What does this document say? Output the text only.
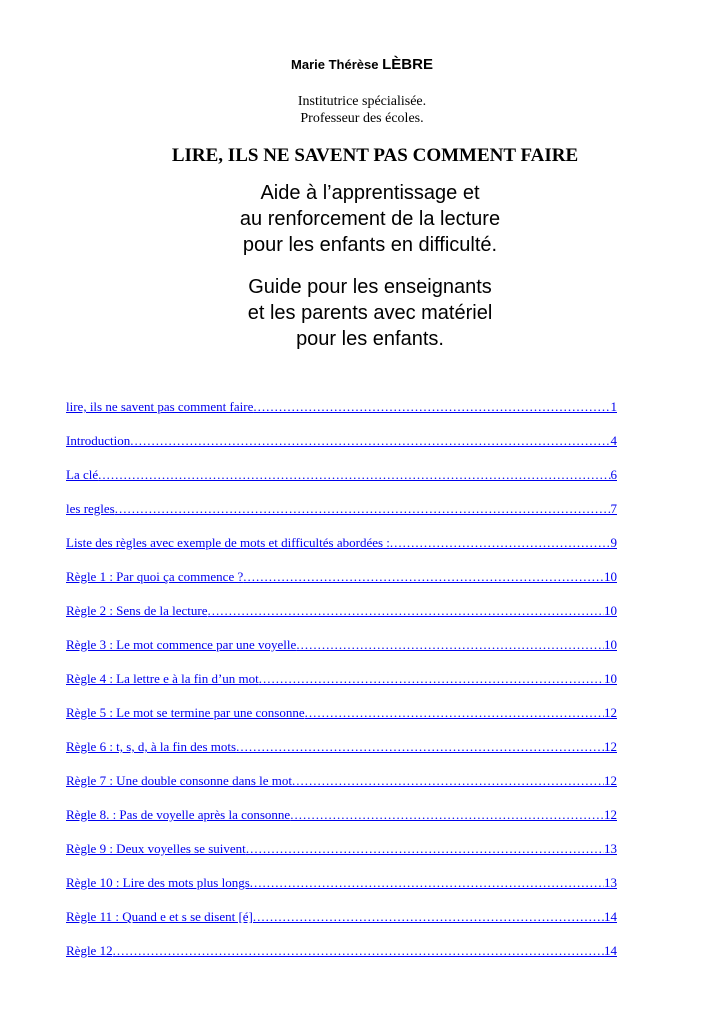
Marie Thérèse LÈBRE
Institutrice spécialisée.
Professeur des écoles.
LIRE, ILS NE SAVENT PAS COMMENT FAIRE
Aide à l’apprentissage et
au renforcement de la lecture
pour les enfants en difficulté.
Guide pour les enseignants
et les parents avec matériel
pour les enfants.
lire, ils ne savent pas comment faire .....	1
Introduction .....	4
La clé .....	6
les regles .....	7
Liste des règles avec exemple de mots et difficultés abordées : .....	9
Règle 1 : Par quoi ça commence ? .....	10
Règle 2 : Sens de la lecture .....	10
Règle 3 : Le mot commence par une voyelle .....	10
Règle 4 : La lettre e à la fin d’un mot .....	10
Règle 5 : Le mot se termine par une consonne .....	12
Règle 6 : t, s, d, à la fin des mots .....	12
Règle 7 : Une double consonne dans le mot .....	12
Règle 8. : Pas de voyelle après la consonne .....	12
Règle 9 : Deux voyelles se suivent .....	13
Règle 10 : Lire des mots plus longs .....	13
Règle 11 : Quand e et s se disent [é] .....	14
Règle 12 .....	14
